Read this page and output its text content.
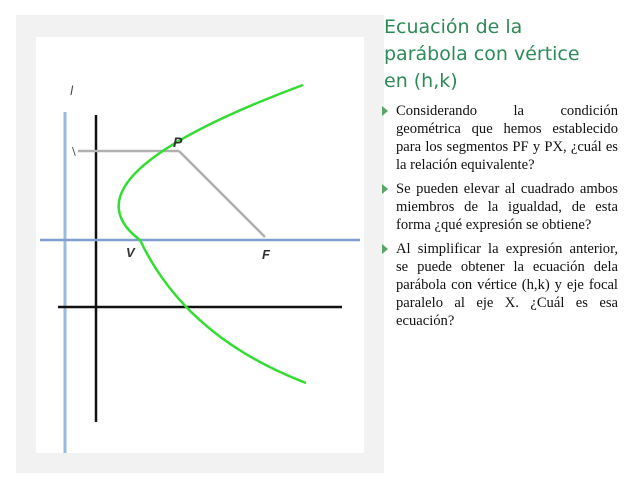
l
\
P
V	F
Ecuación de la
parábola con vértice
en (h,k)
Considerando la condición geométrica que hemos establecido para los segmentos PF y PX, ¿cuál es la relación equivalente?
Se pueden elevar al cuadrado ambos miembros de la igualdad, de esta forma ¿qué expresión se obtiene?
Al simplificar la expresión anterior, se puede obtener la ecuación dela parábola con vértice (h,k) y eje focal paralelo al eje X. ¿Cuál es esa ecuación?
